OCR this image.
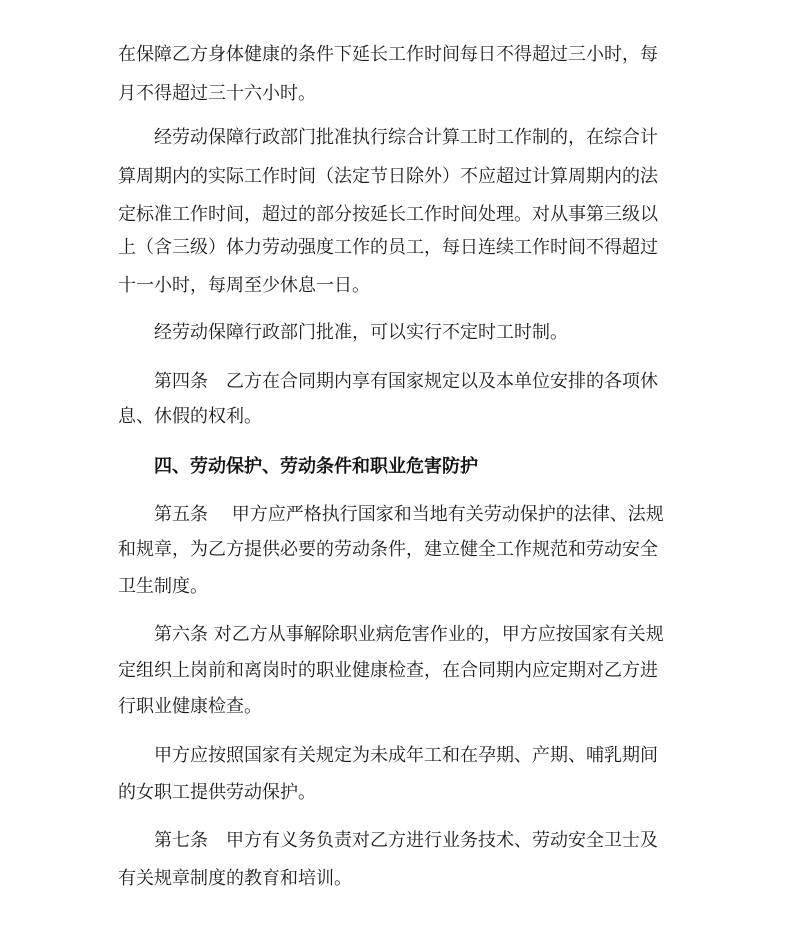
在保障乙方身体健康的条件下延长工作时间每日不得超过三小时，每
月不得超过三十六小时。
经劳动保障行政部门批准执行综合计算工时工作制的，在综合计
算周期内的实际工作时间（法定节日除外）不应超过计算周期内的法
定标准工作时间，超过的部分按延长工作时间处理。对从事第三级以
上（含三级）体力劳动强度工作的员工，每日连续工作时间不得超过
十一小时，每周至少休息一日。
经劳动保障行政部门批准，可以实行不定时工时制。
第四条　乙方在合同期内享有国家规定以及本单位安排的各项休
息、休假的权利。
四、劳动保护、劳动条件和职业危害防护
第五条　 甲方应严格执行国家和当地有关劳动保护的法律、法规
和规章，为乙方提供必要的劳动条件，建立健全工作规范和劳动安全
卫生制度。
第六条 对乙方从事解除职业病危害作业的，甲方应按国家有关规
定组织上岗前和离岗时的职业健康检查，在合同期内应定期对乙方进
行职业健康检查。
甲方应按照国家有关规定为未成年工和在孕期、产期、哺乳期间
的女职工提供劳动保护。
第七条　甲方有义务负责对乙方进行业务技术、劳动安全卫士及
有关规章制度的教育和培训。
